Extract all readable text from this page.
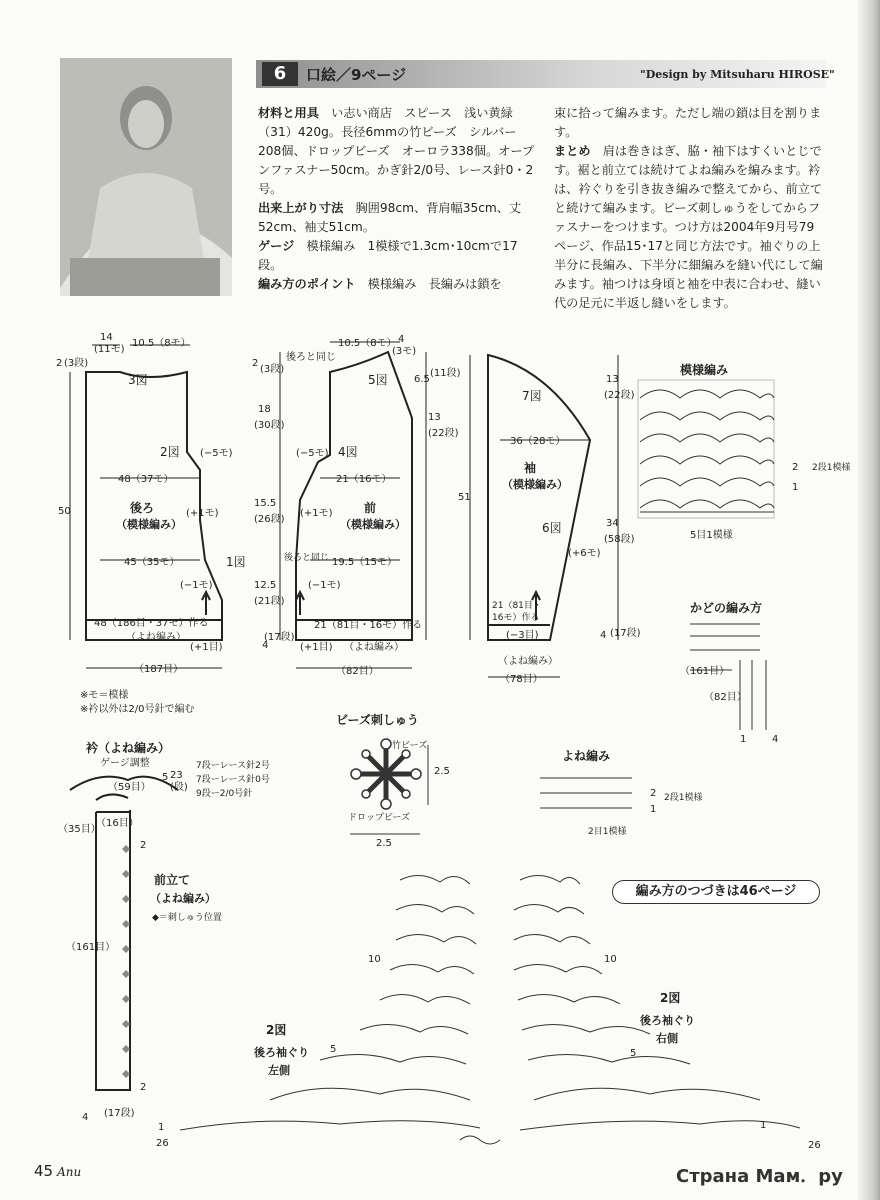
6	口絵／9ページ	"Design by Mitsuharu HIROSE"

材料と用具　い志い商店　スピース　浅い黄緑（31）420g。長径6mmの竹ビーズ　シルバー208個、ドロップビーズ　オーロラ338個。オープンファスナー50cm。かぎ針2/0号、レース針0・2号。

出来上がり寸法　胸囲98cm、背肩幅35cm、丈52cm、袖丈51cm。

ゲージ　模様編み　1模様で1.3cm･10cmで17段。

編み方のポイント　模様編み　長編みは鎖を

束に拾って編みます。ただし端の鎖は目を割ります。

まとめ　肩は巻きはぎ、脇・袖下はすくいとじです。裾と前立ては続けてよね編みを編みます。衿は、衿ぐりを引き抜き編みで整えてから、前立てと続けて編みます。ビーズ刺しゅうをしてからファスナーをつけます。つけ方は2004年9月号79ページ、作品15･17と同じ方法です。袖ぐりの上半分に長編み、下半分に細編みを縫い代にして編みます。袖つけは身頃と袖を中表に合わせ、縫い代の足元に半返し縫いをします。

14
(11モ)
10.5（8モ）
2 (3段)
3図
2図
1図
(−5モ)
48（37モ）
後ろ
（模様編み）
(+1モ)
50
45（35モ）
(−1モ)
48（186目・37モ）作る
(+1目)
（よね編み）
（187目）
10.5（8モ） 4
(3モ)
後ろと同じ
2
(3段)
18
(30段)
15.5
(26段)
12.5
(21段)
4
(17段)
5図
4図
6.5
(11段)
13
(22段)
(−5モ)
21（16モ）
前
（模様編み）
(+1モ)
後ろと同じ 19.5（15モ）
(−1モ)
21（81目・16モ）作る
(+1目) （よね編み）
（82目）
7図
36（28モ）
袖
（模様編み）
6図
51
(+6モ)
21（81目・
16モ）作る
(−3目)
（よね編み）
（78目）
13
(22段)
34
(58段)
4 (17段)
模様編み
2段1模様
5目1模様
2
1
かどの編み方
（161目）
（82目）
1	4
ビーズ刺しゅう
竹ビーズ
ドロップビーズ
2.5
2.5
よね編み
2段1模様
2目1模様
2
1
衿（よね編み）
ゲージ調整
5 23
(段)
7段ーレース針2号
7段ーレース針0号
9段ー2/0号針
（59目）
（35目）
（16目）
（161目）
前立て
（よね編み）
◆＝刺しゅう位置
2
2
4 (17段)
2図
後ろ袖ぐり
左側
10
5
1
26
2図
後ろ袖ぐり
右側
10
5
1
26
※モ＝模様
※衿以外は2/0号針で編む
編み方のつづきは46ページ
45 Anu	Страна Мам．ру
